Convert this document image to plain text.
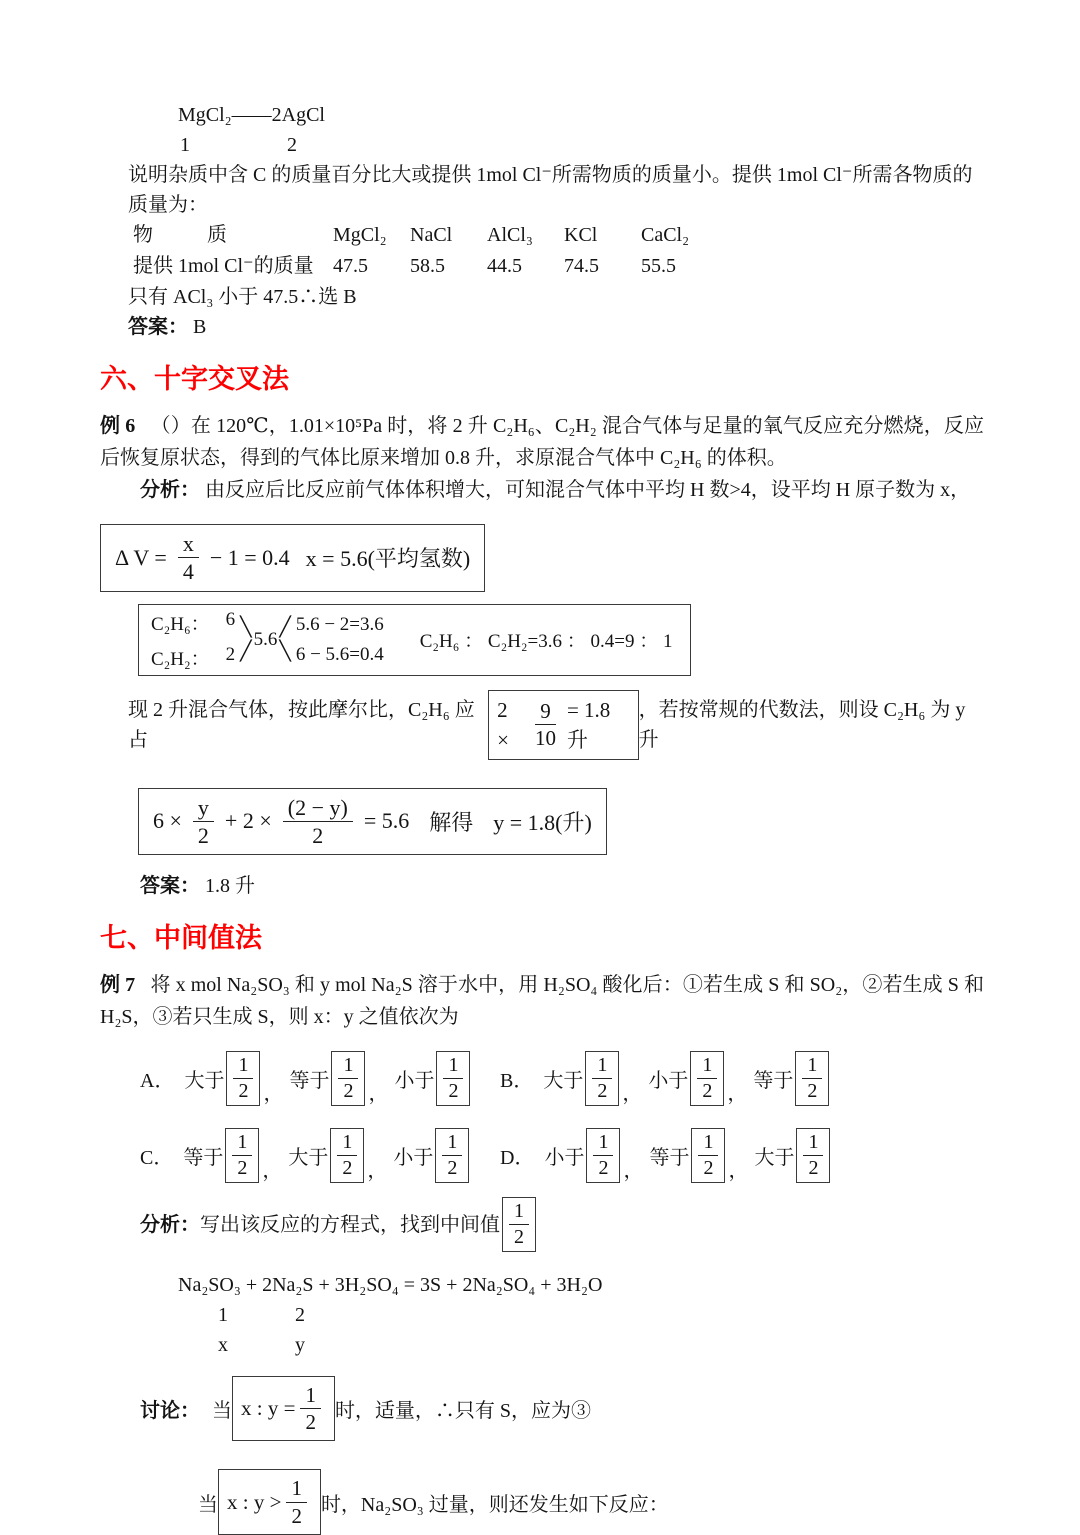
MgCl₂——2AgCl
1	2
说明杂质中含 C 的质量百分比大或提供 1mol Cl⁻所需物质的质量小。提供 1mol Cl⁻所需各物质的质量为：
物	质	MgCl₂	NaCl	AlCl₃	KCl	CaCl₂
提供 1mol Cl⁻的质量 47.5	58.5	44.5	74.5	55.5
只有 ACl₃ 小于 47.5∴选 B
答案： B
六、十字交叉法

例 6 （）在 120℃，1.01×10⁵Pa 时，将 2 升 C₂H₆、C₂H₂ 混合气体与足量的氧气反应充分燃烧，反应后恢复原状态，得到的气体比原来增加 0.8 升，求原混合气体中 C₂H₆ 的体积。

分析： 由反应后比反应前气体体积增大，可知混合气体中平均 H 数>4，设平均 H 原子数为 x，

Δ $V = \frac{x}{4} - 1 = 0.4$ x = 5.6(平均氢数)
C₂H₆： 6
C₂H₂： 2
╲
╱
5.6
╱
╲
5.6 − 2=3.6
6 − 5.6=0.4
C₂H₆ ： C₂H₂=3.6 ： 0.4=9 ： 1
现 2 升混合气体，按此摩尔比，C₂H₆ 应占
2 ×	$\frac{9}{10} = 1.8$升
，若按常规的代数法，则设 C₂H₆ 为 y 升
$6 \times \frac{y}{2} + 2 \times \frac{(2 - y)}{2} = 5.6$ 解得 y = 1.8(升)
答案： 1.8 升
七、中间值法

例 7 将 x mol Na₂SO₃ 和 y mol Na₂S 溶于水中，用 H₂SO₄ 酸化后：①若生成 S 和 SO₂，②若生成 S 和 H₂S，③若只生成 S，则 x：y 之值依次为

A． 大于 $\frac{1}{2}$ ，
等于 $\frac{1}{2}$ ，
小于 $\frac{1}{2}$ B． 大于 $\frac{1}{2}$ ，
小于 $\frac{1}{2}$ ，
等于 $\frac{1}{2}$
C． 等于 $\frac{1}{2}$ ，
大于 $\frac{1}{2}$ ，
小于 $\frac{1}{2}$ D． 小于 $\frac{1}{2}$ ，
等于 $\frac{1}{2}$ ，
大于 $\frac{1}{2}$
分析： 写出该反应的方程式，找到中间值 $\frac{1}{2}$
Na₂SO₃ + 2Na₂S + 3H₂SO₄ = 3S + 2Na₂SO₄ + 3H₂O
1	2
x	y
讨论： 当 x : $y = \frac{1}{2}$ 时，适量，∴只有 S，应为③
当 x : $y > \frac{1}{2}$ 时，Na₂SO₃ 过量，则还发生如下反应：
